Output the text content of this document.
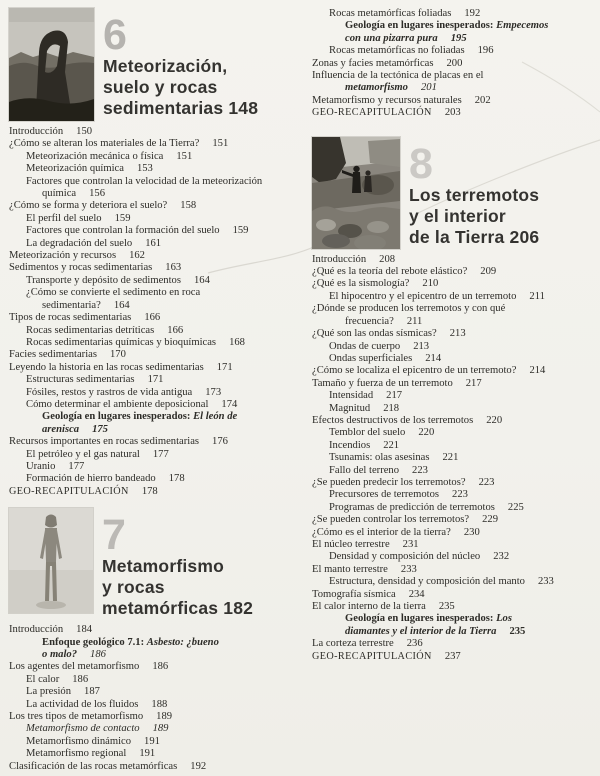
6
Meteorización,
suelo y rocas
sedimentarias 148
Introducción 150
¿Cómo se alteran los materiales de la Tierra? 151
Meteorización mecánica o física 151
Meteorización química 153
Factores que controlan la velocidad de la meteorización
química 156
¿Cómo se forma y deteriora el suelo? 158
El perfil del suelo 159
Factores que controlan la formación del suelo 159
La degradación del suelo 161
Meteorización y recursos 162
Sedimentos y rocas sedimentarias 163
Transporte y depósito de sedimentos 164
¿Cómo se convierte el sedimento en roca
sedimentaria? 164
Tipos de rocas sedimentarias 166
Rocas sedimentarias detríticas 166
Rocas sedimentarias químicas y bioquímicas 168
Facies sedimentarias 170
Leyendo la historia en las rocas sedimentarias 171
Estructuras sedimentarias 171
Fósiles, restos y rastros de vida antigua 173
Cómo determinar el ambiente deposicional 174
Geología en lugares inesperados: El león de
arenisca 175
Recursos importantes en rocas sedimentarias 176
El petróleo y el gas natural 177
Uranio 177
Formación de hierro bandeado 178
GEO-RECAPITULACIÓN 178
7
Metamorfismo
y rocas
metamórficas 182
Introducción 184
Enfoque geológico 7.1: Asbesto: ¿bueno
o malo? 186
Los agentes del metamorfismo 186
El calor 186
La presión 187
La actividad de los fluidos 188
Los tres tipos de metamorfismo 189
Metamorfismo de contacto 189
Metamorfismo dinámico 191
Metamorfismo regional 191
Clasificación de las rocas metamórficas 192
Rocas metamórficas foliadas 192
Geología en lugares inesperados: Empecemos
con una pizarra pura 195
Rocas metamórficas no foliadas 196
Zonas y facies metamórficas 200
Influencia de la tectónica de placas en el
metamorfismo 201
Metamorfismo y recursos naturales 202
GEO-RECAPITULACIÓN 203
8
Los terremotos
y el interior
de la Tierra 206
Introducción 208
¿Qué es la teoría del rebote elástico? 209
¿Qué es la sismología? 210
El hipocentro y el epicentro de un terremoto 211
¿Dónde se producen los terremotos y con qué
frecuencia? 211
¿Qué son las ondas sísmicas? 213
Ondas de cuerpo 213
Ondas superficiales 214
¿Cómo se localiza el epicentro de un terremoto? 214
Tamaño y fuerza de un terremoto 217
Intensidad 217
Magnitud 218
Efectos destructivos de los terremotos 220
Temblor del suelo 220
Incendios 221
Tsunamis: olas asesinas 221
Fallo del terreno 223
¿Se pueden predecir los terremotos? 223
Precursores de terremotos 223
Programas de predicción de terremotos 225
¿Se pueden controlar los terremotos? 229
¿Cómo es el interior de la tierra? 230
El núcleo terrestre 231
Densidad y composición del núcleo 232
El manto terrestre 233
Estructura, densidad y composición del manto 233
Tomografía sísmica 234
El calor interno de la tierra 235
Geología en lugares inesperados: Los
diamantes y el interior de la Tierra 235
La corteza terrestre 236
GEO-RECAPITULACIÓN 237
